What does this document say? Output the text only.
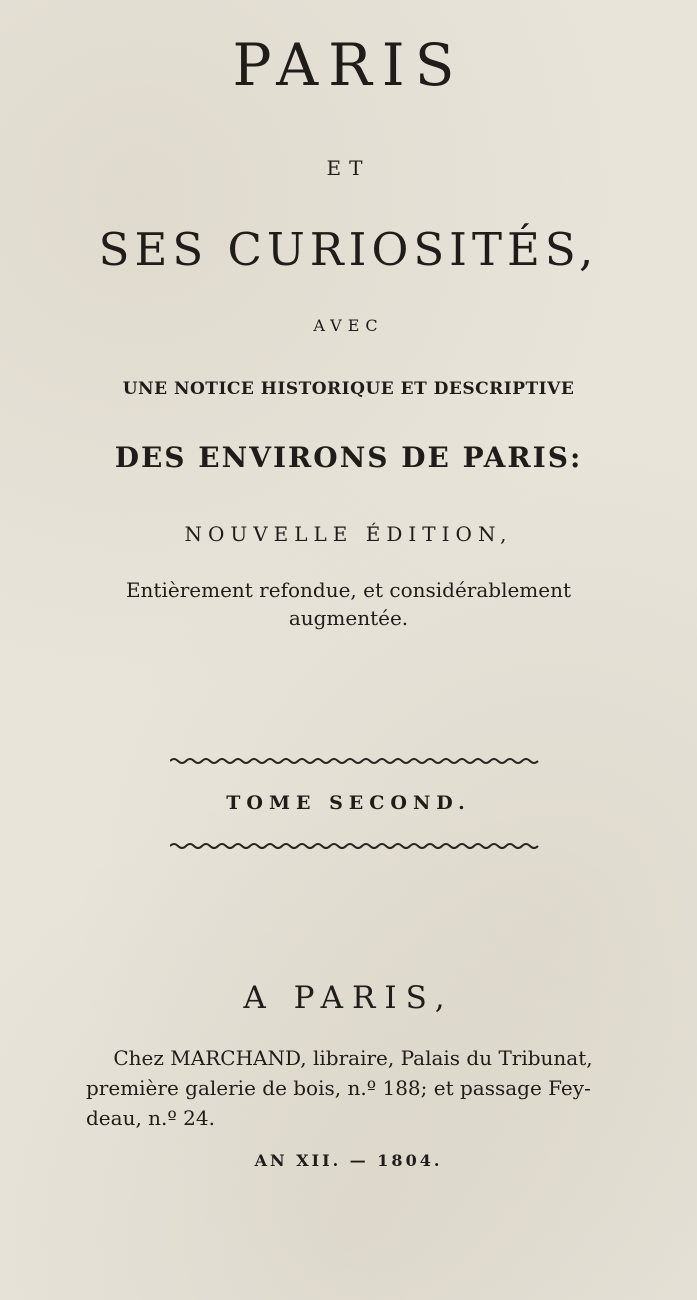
PARIS
ET
SES CURIOSITÉS,
AVEC
UNE NOTICE HISTORIQUE ET DESCRIPTIVE
DES ENVIRONS DE PARIS:
NOUVELLE ÉDITION,
Entièrement refondue, et considérablement
augmentée.
TOME SECOND.
A PARIS,
Chez MARCHAND, libraire, Palais du Tribunat,
première galerie de bois, n.º 188; et passage Fey-
deau, n.º 24.
AN XII. — 1804.
